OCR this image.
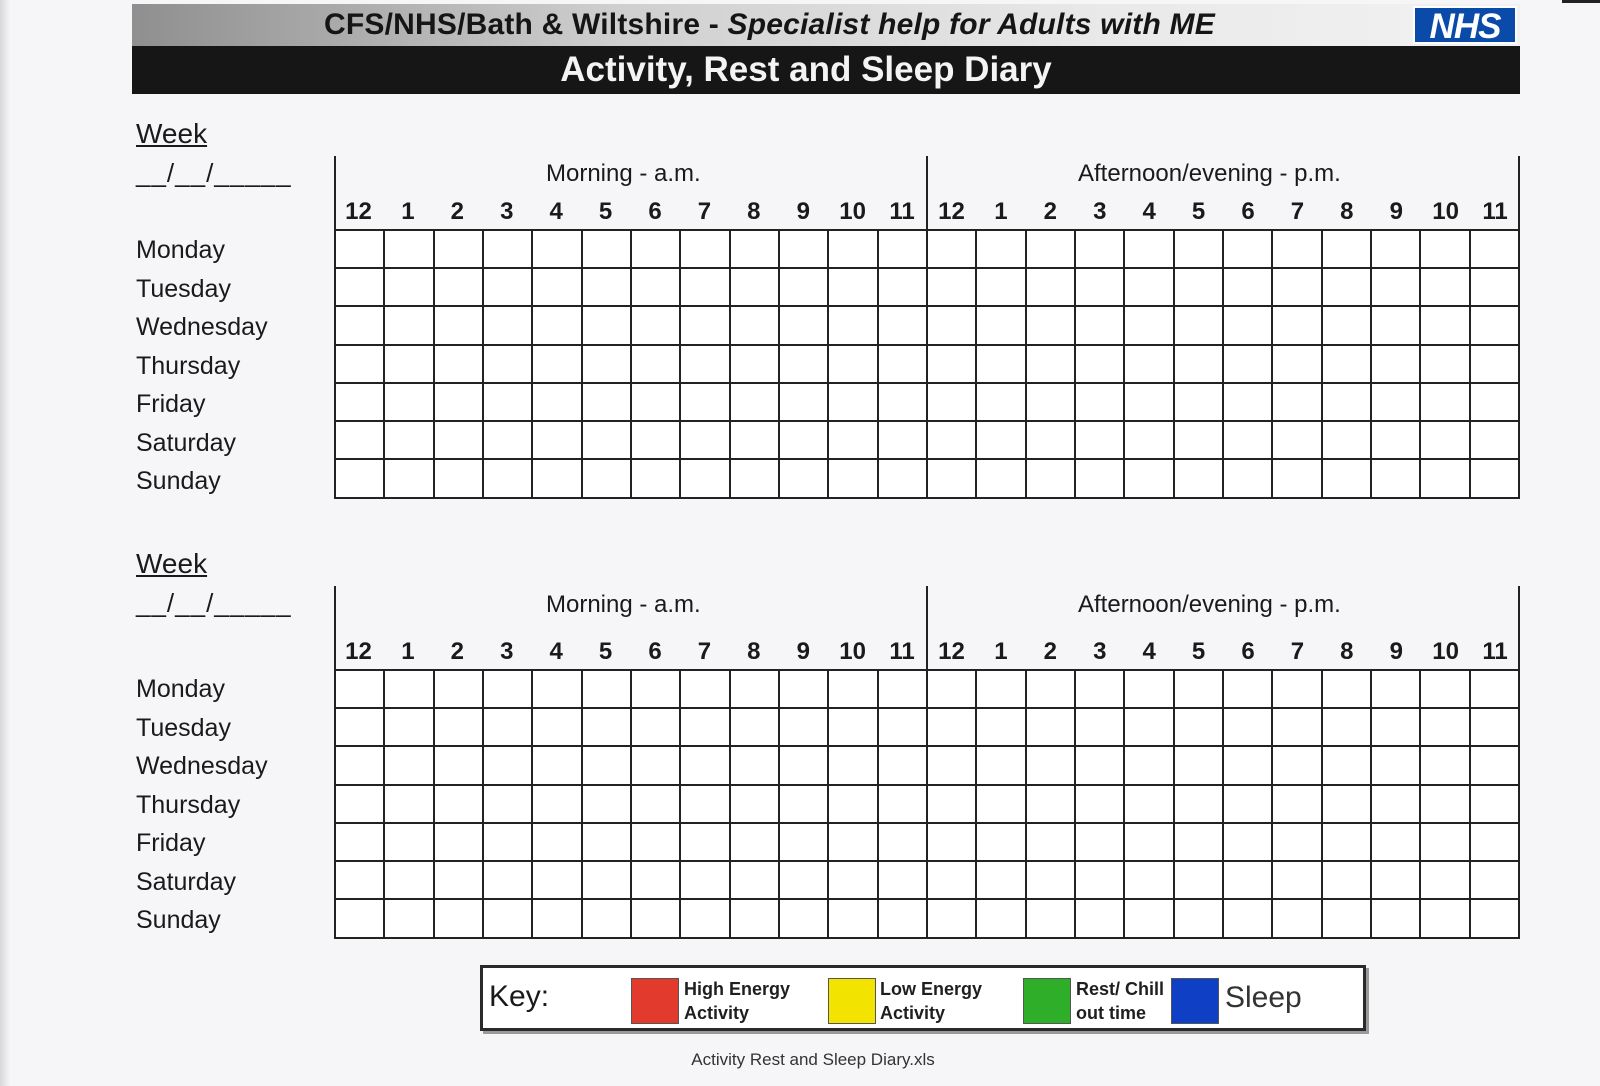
CFS/NHS/Bath & Wiltshire - Specialist help for Adults with ME	NHS
Activity, Rest and Sleep Diary
Week
__/__/_____	Morning - a.m.	Afternoon/evening - p.m.
12	1	2	3	4	5	6	7	8	9	10 11 12	1	2	3	4	5	6	7	8	9	10 11
Monday
Tuesday
Wednesday
Thursday
Friday
Saturday
Sunday
Week
__/__/_____	Morning - a.m.	Afternoon/evening - p.m.
12	1	2	3	4	5	6	7	8	9	10 11 12	1	2	3	4	5	6	7	8	9	10 11
Monday
Tuesday
Wednesday
Thursday
Friday
Saturday
Sunday
Key:	High Energy
Activity
Low Energy
Activity
Rest/ Chill
out time	Sleep
Activity Rest and Sleep Diary.xls
